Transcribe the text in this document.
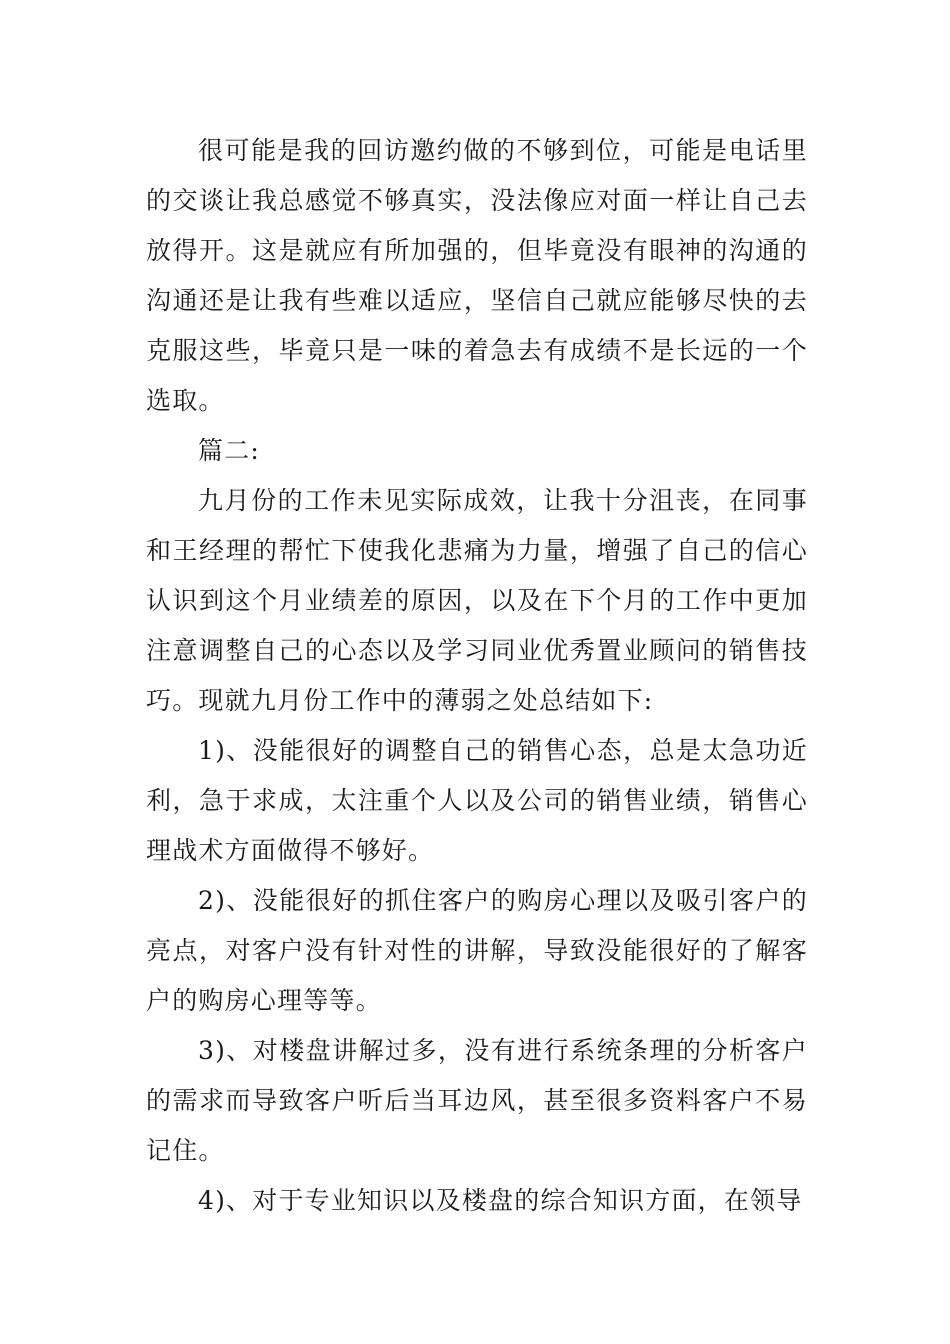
很可能是我的回访邀约做的不够到位，可能是电话里的交谈让我总感觉不够真实，没法像应对面一样让自己去放得开。这是就应有所加强的，但毕竟没有眼神的沟通的沟通还是让我有些难以适应，坚信自己就应能够尽快的去克服这些，毕竟只是一味的着急去有成绩不是长远的一个选取。

篇二:

九月份的工作未见实际成效，让我十分沮丧，在同事和王经理的帮忙下使我化悲痛为力量，增强了自己的信心认识到这个月业绩差的原因，以及在下个月的工作中更加注意调整自己的心态以及学习同业优秀置业顾问的销售技巧。现就九月份工作中的薄弱之处总结如下:

1)、没能很好的调整自己的销售心态，总是太急功近利，急于求成，太注重个人以及公司的销售业绩，销售心理战术方面做得不够好。

2)、没能很好的抓住客户的购房心理以及吸引客户的亮点，对客户没有针对性的讲解，导致没能很好的了解客户的购房心理等等。

3)、对楼盘讲解过多，没有进行系统条理的分析客户的需求而导致客户听后当耳边风，甚至很多资料客户不易记住。

4)、对于专业知识以及楼盘的综合知识方面，在领导
